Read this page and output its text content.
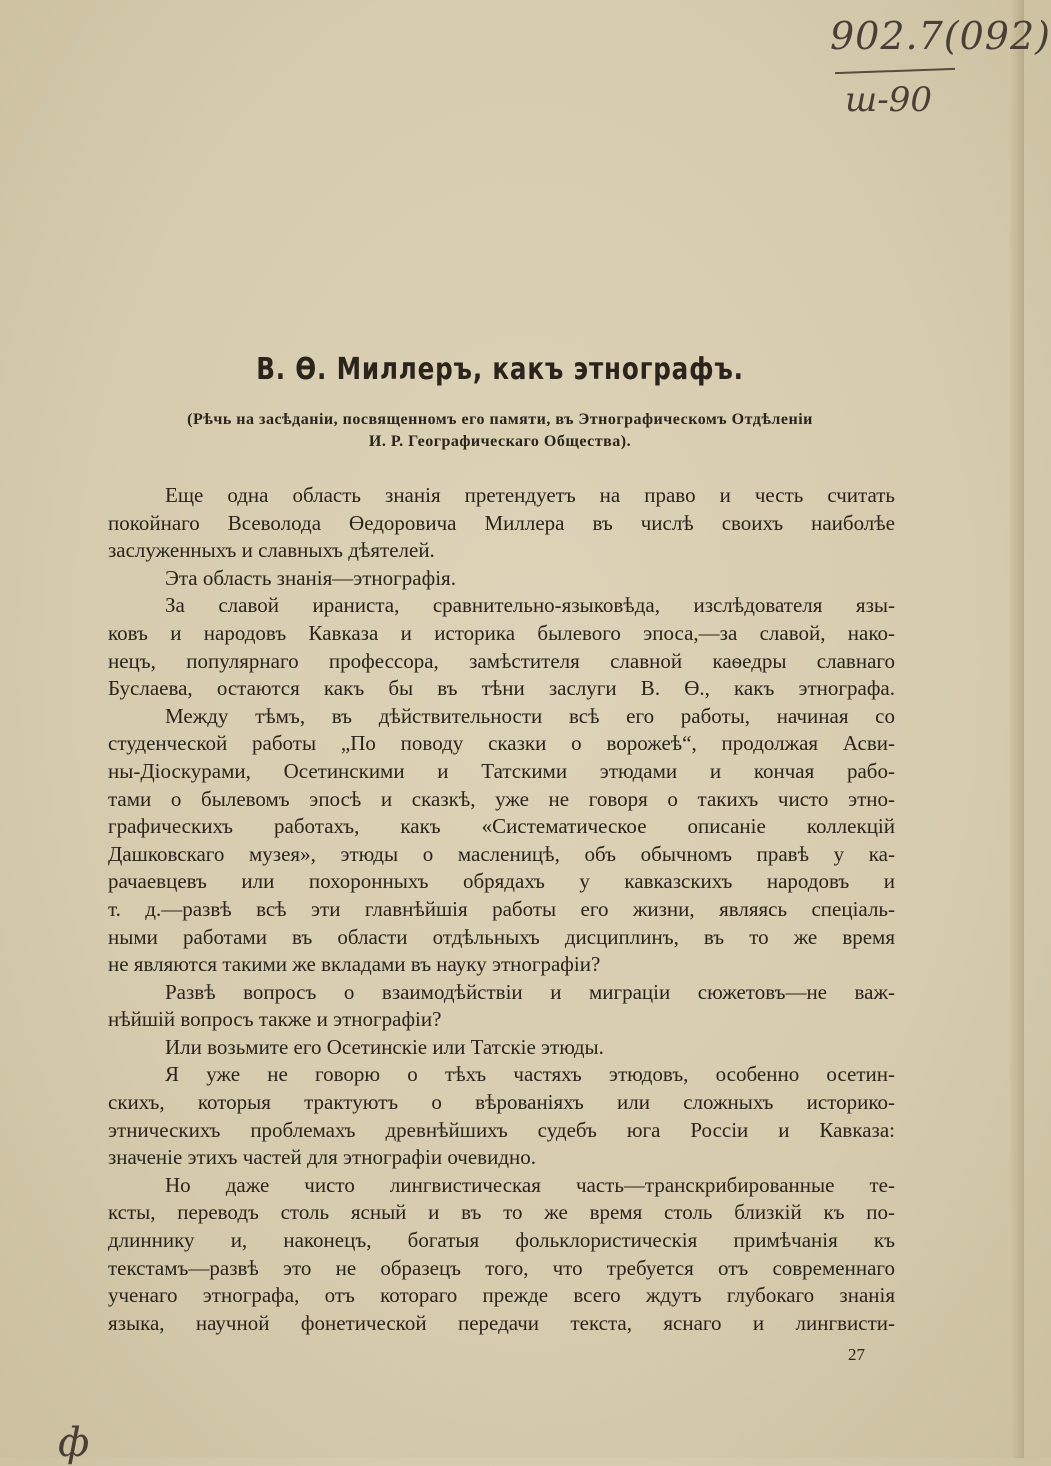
902.7(092)
ш-90
В. Ө. Миллеръ, какъ этнографъ.
(Рѣчь на засѣданіи, посвященномъ его памяти, въ Этнографическомъ Отдѣленіи
И. Р. Географическаго Общества).
Еще одна область знанія претендуетъ на право и честь считать
покойнаго Всеволода Өедоровича Миллера въ числѣ своихъ наиболѣе
заслуженныхъ и славныхъ дѣятелей.
Эта область знанія—этнографія.
За славой ираниста, сравнительно-языковѣда, изслѣдователя язы-
ковъ и народовъ Кавказа и историка былевого эпоса,—за славой, нако-
нецъ, популярнаго профессора, замѣстителя славной каѳедры славнаго
Буслаева, остаются какъ бы въ тѣни заслуги В. Ө., какъ этнографа.
Между тѣмъ, въ дѣйствительности всѣ его работы, начиная со
студенческой работы „По поводу сказки о ворожеѣ“, продолжая Асви-
ны-Діоскурами, Осетинскими и Татскими этюдами и кончая рабо-
тами о былевомъ эпосѣ и сказкѣ, уже не говоря о такихъ чисто этно-
графическихъ работахъ, какъ «Систематическое описаніе коллекцій
Дашковскаго музея», этюды о масленицѣ, объ обычномъ правѣ у ка-
рачаевцевъ или похоронныхъ обрядахъ у кавказскихъ народовъ и
т. д.—развѣ всѣ эти главнѣйшія работы его жизни, являясь спеціаль-
ными работами въ области отдѣльныхъ дисциплинъ, въ то же время
не являются такими же вкладами въ науку этнографіи?
Развѣ вопросъ о взаимодѣйствіи и миграціи сюжетовъ—не важ-
нѣйшій вопросъ также и этнографіи?
Или возьмите его Осетинскіе или Татскіе этюды.
Я уже не говорю о тѣхъ частяхъ этюдовъ, особенно осетин-
скихъ, которыя трактуютъ о вѣрованіяхъ или сложныхъ историко-
этническихъ проблемахъ древнѣйшихъ судебъ юга Россіи и Кавказа:
значеніе этихъ частей для этнографіи очевидно.
Но даже чисто лингвистическая часть—транскрибированные те-
ксты, переводъ столь ясный и въ то же время столь близкій къ по-
длиннику и, наконецъ, богатыя фольклористическія примѣчанія къ
текстамъ—развѣ это не образецъ того, что требуется отъ современнаго
ученаго этнографа, отъ котораго прежде всего ждутъ глубокаго знанія
языка, научной фонетической передачи текста, яснаго и лингвисти-
27
ф
